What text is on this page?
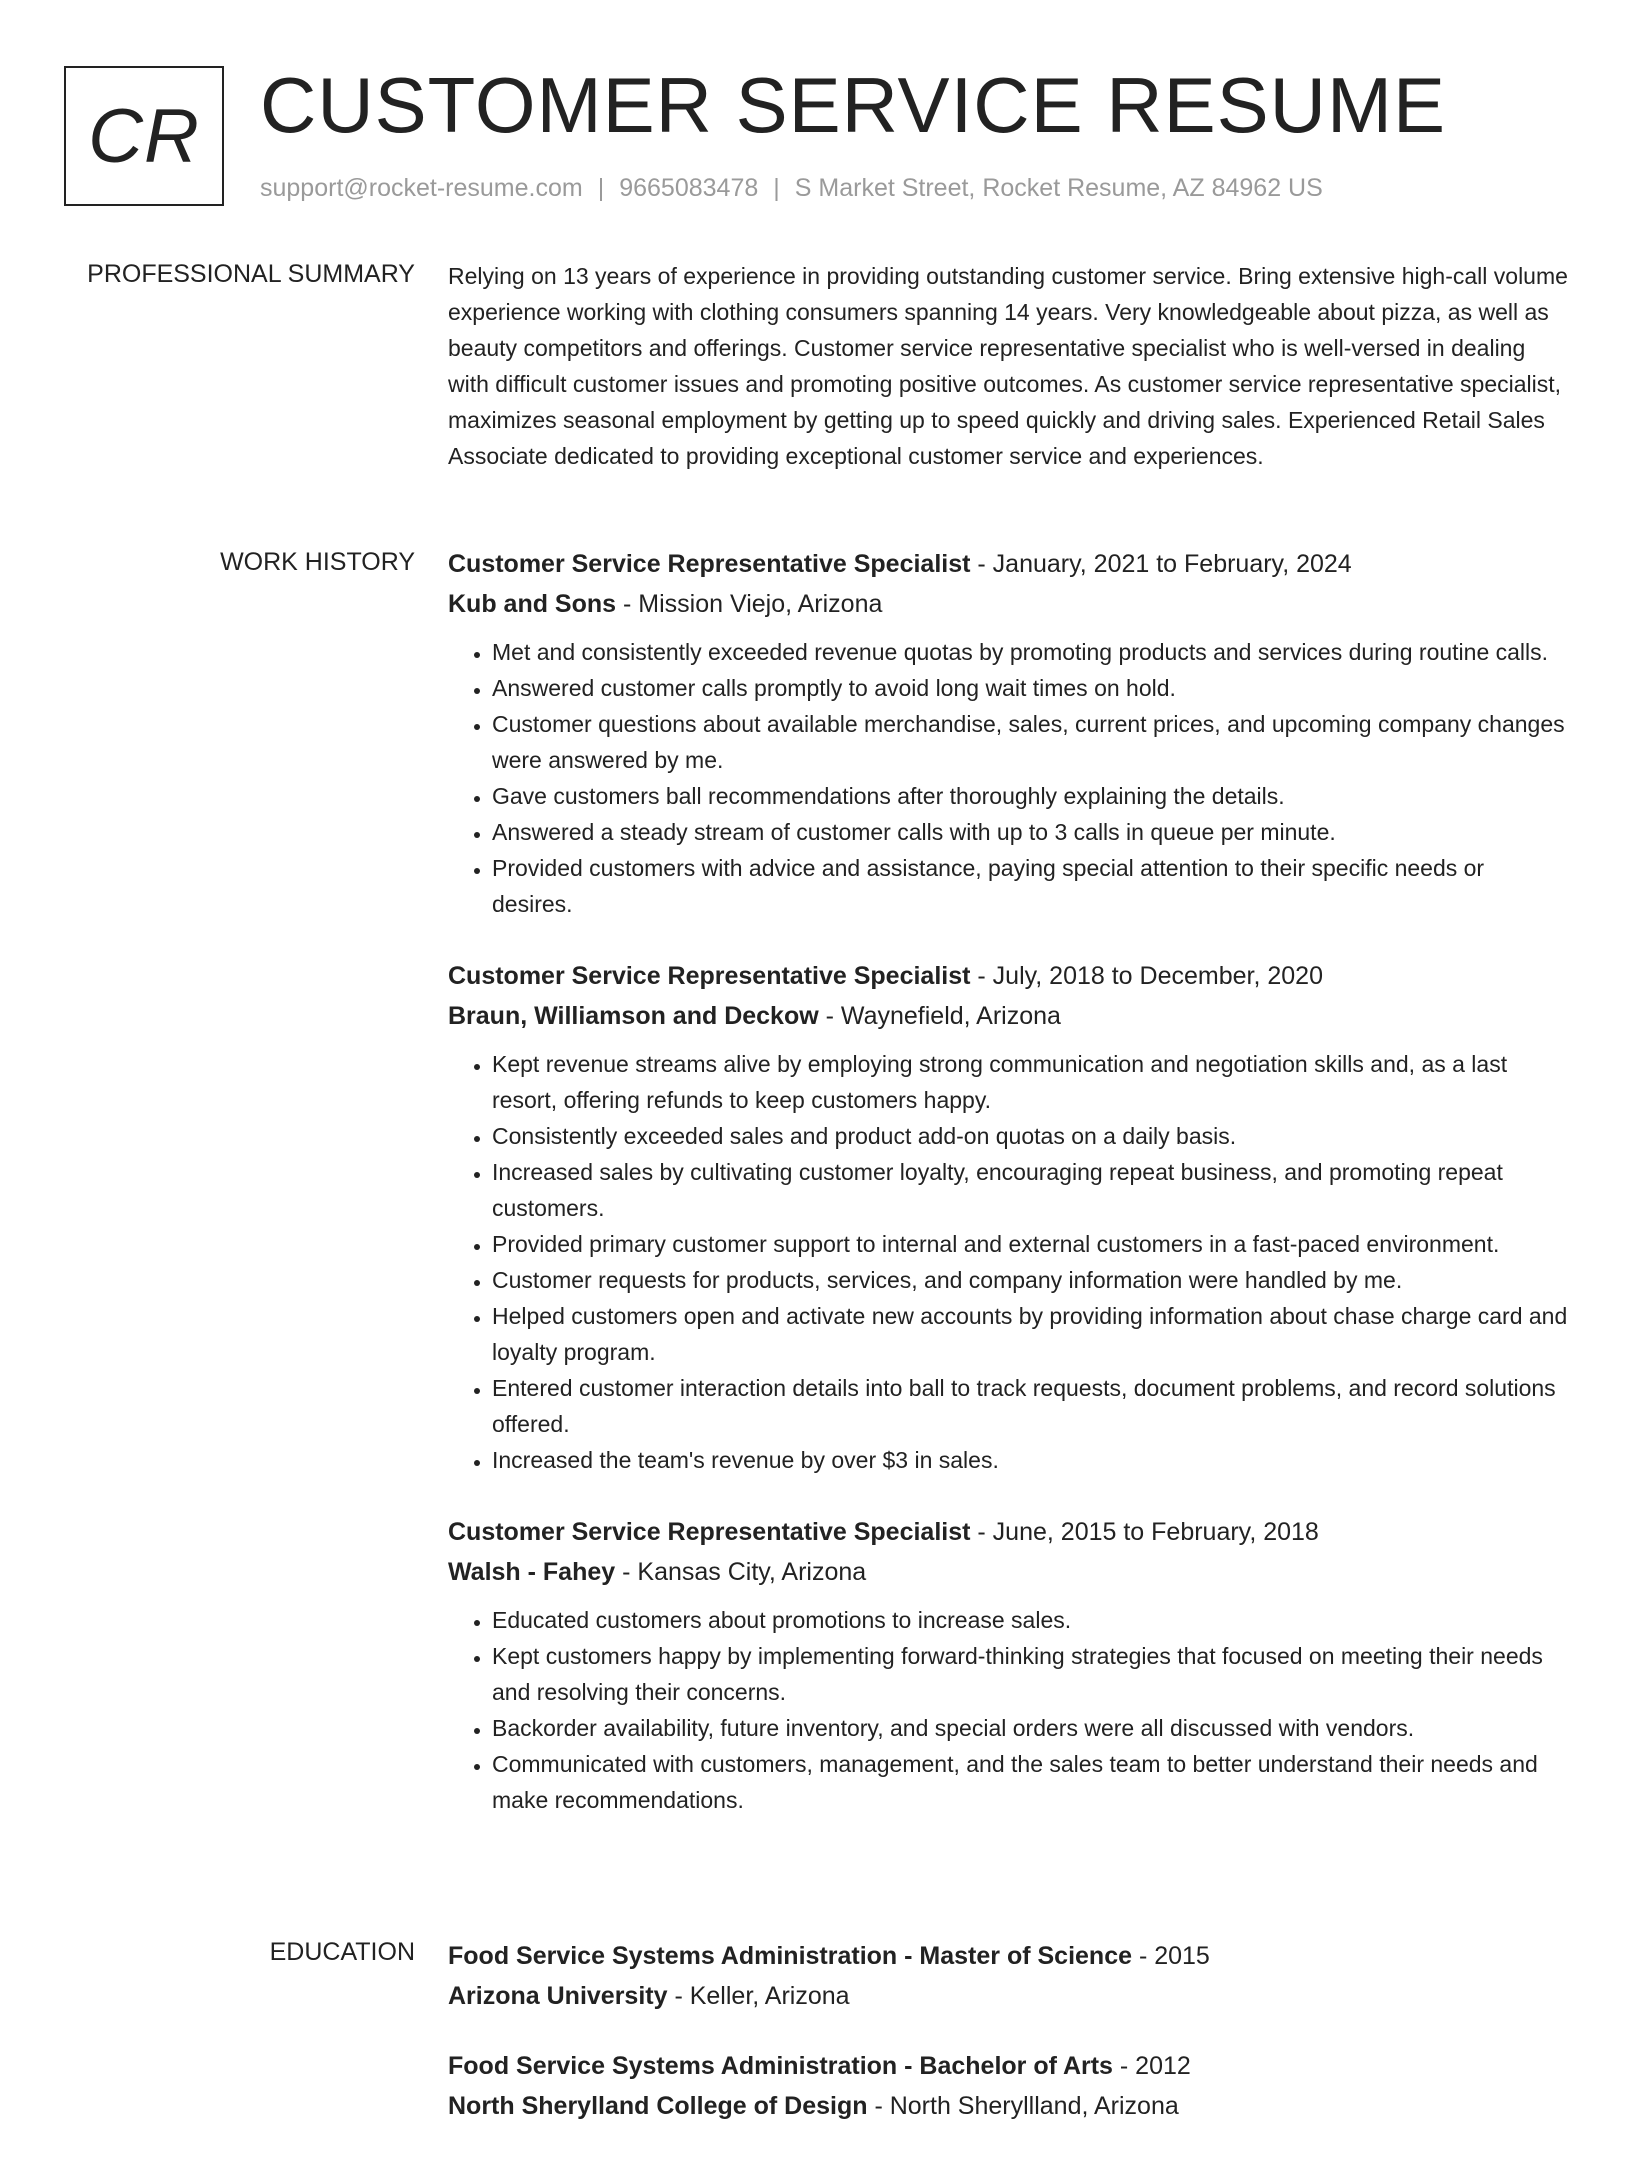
CR CUSTOMER SERVICE RESUME
support@rocket-resume.com | 9665083478 | S Market Street, Rocket Resume, AZ 84962 US
PROFESSIONAL SUMMARY Relying on 13 years of experience in providing outstanding customer service. Bring extensive high-call volume experience working with clothing consumers spanning 14 years. Very knowledgeable about pizza, as well as beauty competitors and offerings. Customer service representative specialist who is well-versed in dealing with difficult customer issues and promoting positive outcomes. As customer service representative specialist, maximizes seasonal employment by getting up to speed quickly and driving sales. Experienced Retail Sales Associate dedicated to providing exceptional customer service and experiences.

WORK HISTORY Customer Service Representative Specialist - January, 2021 to February, 2024
Kub and Sons - Mission Viejo, Arizona
• Met and consistently exceeded revenue quotas by promoting products and services during routine calls.
• Answered customer calls promptly to avoid long wait times on hold.
• Customer questions about available merchandise, sales, current prices, and upcoming company changes were answered by me.
• Gave customers ball recommendations after thoroughly explaining the details.
• Answered a steady stream of customer calls with up to 3 calls in queue per minute.
• Provided customers with advice and assistance, paying special attention to their specific needs or desires.
Customer Service Representative Specialist - July, 2018 to December, 2020
Braun, Williamson and Deckow - Waynefield, Arizona
• Kept revenue streams alive by employing strong communication and negotiation skills and, as a last resort, offering refunds to keep customers happy.
• Consistently exceeded sales and product add-on quotas on a daily basis.
• Increased sales by cultivating customer loyalty, encouraging repeat business, and promoting repeat customers.
• Provided primary customer support to internal and external customers in a fast-paced environment.
• Customer requests for products, services, and company information were handled by me.
• Helped customers open and activate new accounts by providing information about chase charge card and loyalty program.
• Entered customer interaction details into ball to track requests, document problems, and record solutions offered.
• Increased the team's revenue by over $3 in sales.
Customer Service Representative Specialist - June, 2015 to February, 2018
Walsh - Fahey - Kansas City, Arizona
• Educated customers about promotions to increase sales.
• Kept customers happy by implementing forward-thinking strategies that focused on meeting their needs and resolving their concerns.
• Backorder availability, future inventory, and special orders were all discussed with vendors.
• Communicated with customers, management, and the sales team to better understand their needs and make recommendations.
EDUCATION Food Service Systems Administration - Master of Science - 2015
Arizona University - Keller, Arizona
Food Service Systems Administration - Bachelor of Arts - 2012
North Sherylland College of Design - North Sheryllland, Arizona
